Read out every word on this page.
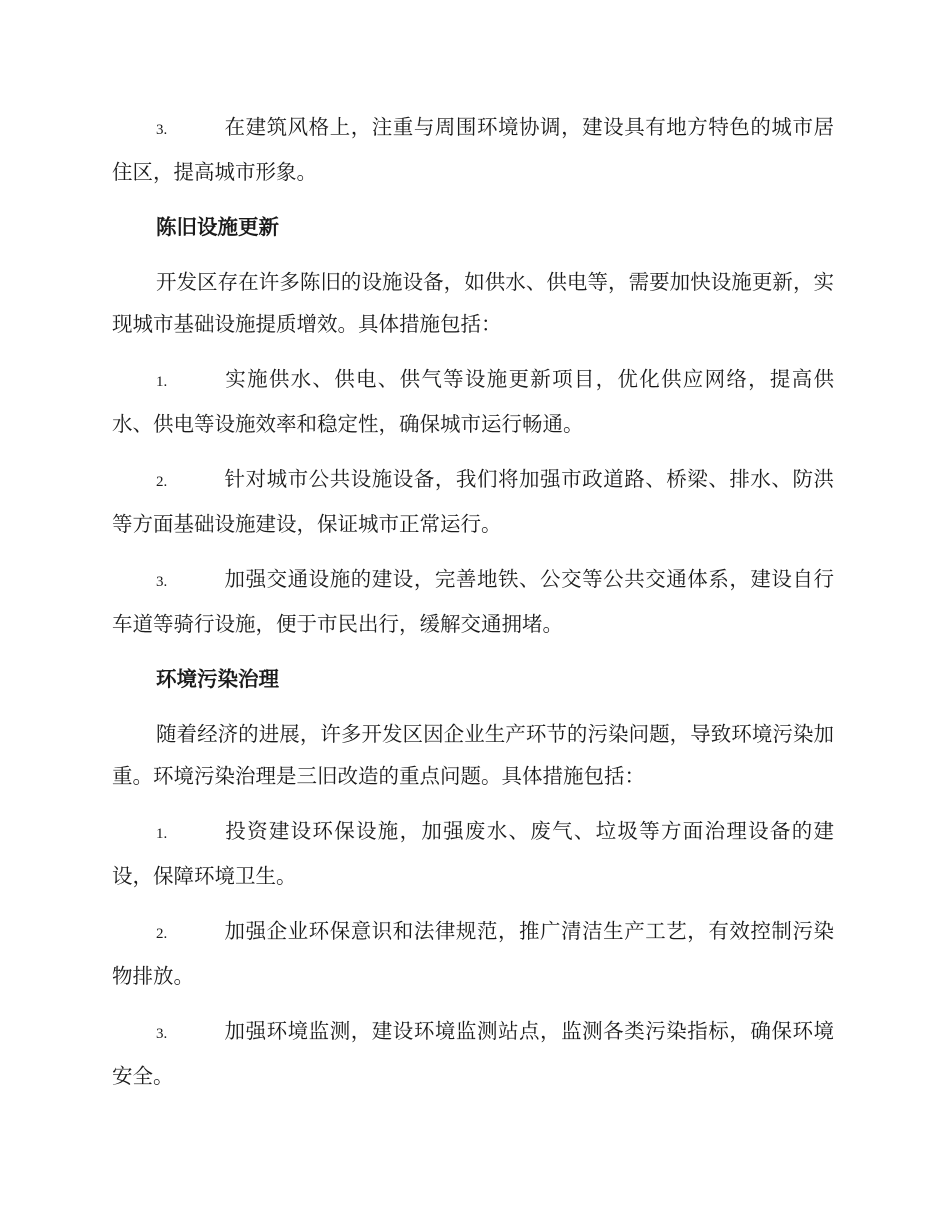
3.	在建筑风格上，注重与周围环境协调，建设具有地方特色的城市居住区，提高城市形象。

陈旧设施更新

开发区存在许多陈旧的设施设备，如供水、供电等，需要加快设施更新，实现城市基础设施提质增效。具体措施包括：

1.	实施供水、供电、供气等设施更新项目，优化供应网络，提高供水、供电等设施效率和稳定性，确保城市运行畅通。

2.	针对城市公共设施设备，我们将加强市政道路、桥梁、排水、防洪等方面基础设施建设，保证城市正常运行。

3.	加强交通设施的建设，完善地铁、公交等公共交通体系，建设自行车道等骑行设施，便于市民出行，缓解交通拥堵。

环境污染治理

随着经济的进展，许多开发区因企业生产环节的污染问题，导致环境污染加重。环境污染治理是三旧改造的重点问题。具体措施包括：

1.	投资建设环保设施，加强废水、废气、垃圾等方面治理设备的建设，保障环境卫生。

2.	加强企业环保意识和法律规范，推广清洁生产工艺，有效控制污染物排放。

3.	加强环境监测，建设环境监测站点，监测各类污染指标，确保环境安全。
